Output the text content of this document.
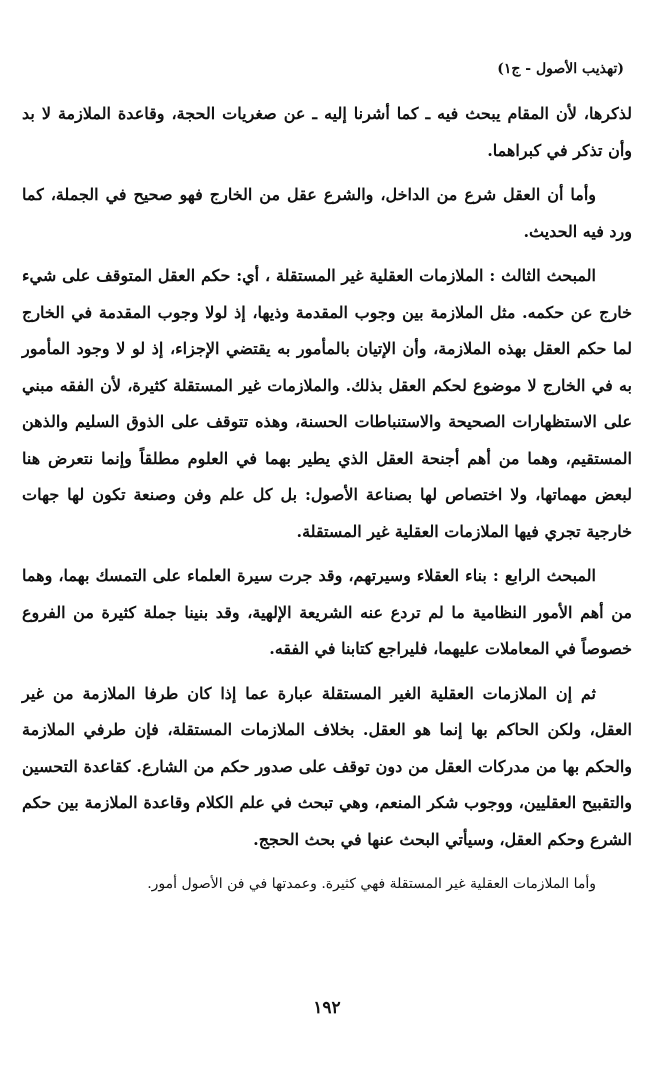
(تهذيب الأصول - ج١)

لذكرها، لأن المقام يبحث فيه ـ كما أشرنا إليه ـ عن صغريات الحجة، وقاعدة الملازمة لا بد وأن تذكر في كبراهما.

وأما أن العقل شرع من الداخل، والشرع عقل من الخارج فهو صحيح في الجملة، كما ورد فيه الحديث.

المبحث الثالث : الملازمات العقلية غير المستقلة ، أي: حكم العقل المتوقف على شيء خارج عن حكمه. مثل الملازمة بين وجوب المقدمة وذيها، إذ لولا وجوب المقدمة في الخارج لما حكم العقل بهذه الملازمة، وأن الإتيان بالمأمور به يقتضي الإجزاء، إذ لو لا وجود المأمور به في الخارج لا موضوع لحكم العقل بذلك. والملازمات غير المستقلة كثيرة، لأن الفقه مبني على الاستظهارات الصحيحة والاستنباطات الحسنة، وهذه تتوقف على الذوق السليم والذهن المستقيم، وهما من أهم أجنحة العقل الذي يطير بهما في العلوم مطلقاً وإنما نتعرض هنا لبعض مهماتها، ولا اختصاص لها بصناعة الأصول: بل كل علم وفن وصنعة تكون لها جهات خارجية تجري فيها الملازمات العقلية غير المستقلة.

المبحث الرابع : بناء العقلاء وسيرتهم، وقد جرت سيرة العلماء على التمسك بهما، وهما من أهم الأمور النظامية ما لم تردع عنه الشريعة الإلهية، وقد بنينا جملة كثيرة من الفروع خصوصاً في المعاملات عليهما، فليراجع كتابنا في الفقه.

ثم إن الملازمات العقلية الغير المستقلة عبارة عما إذا كان طرفا الملازمة من غير العقل، ولكن الحاكم بها إنما هو العقل. بخلاف الملازمات المستقلة، فإن طرفي الملازمة والحكم بها من مدركات العقل من دون توقف على صدور حكم من الشارع. كقاعدة التحسين والتقبيح العقليين، ووجوب شكر المنعم، وهي تبحث في علم الكلام وقاعدة الملازمة بين حكم الشرع وحكم العقل، وسيأتي البحث عنها في بحث الحجج.

وأما الملازمات العقلية غير المستقلة فهي كثيرة. وعمدتها في فن الأصول أمور.

١٩٢
